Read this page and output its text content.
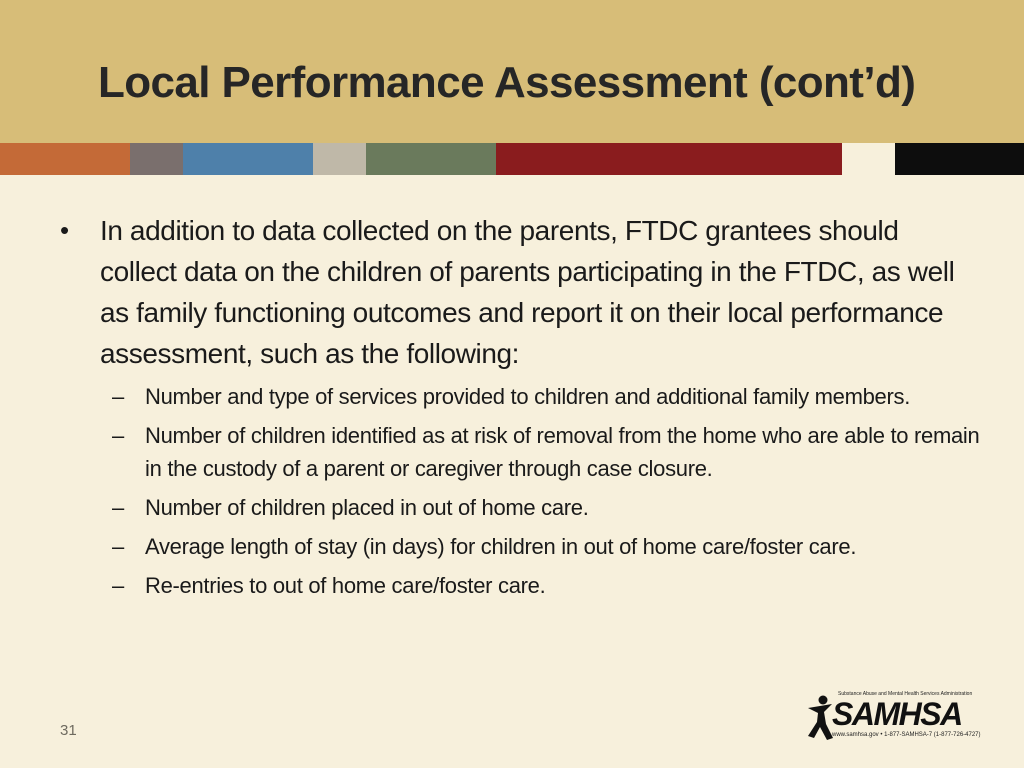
Local Performance Assessment (cont’d)
• In addition to data collected on the parents, FTDC grantees should collect data on the children of parents participating in the FTDC, as well as family functioning outcomes and report it on their local performance assessment, such as the following:
– Number and type of services provided to children and additional family members.
– Number of children identified as at risk of removal from the home who are able to remain in the custody of a parent or caregiver through case closure.
– Number of children placed in out of home care.
– Average length of stay (in days) for children in out of home care/foster care.
– Re-entries to out of home care/foster care.
31
Substance Abuse and Mental Health Services Administration
SAMHSA
www.samhsa.gov • 1-877-SAMHSA-7 (1-877-726-4727)
